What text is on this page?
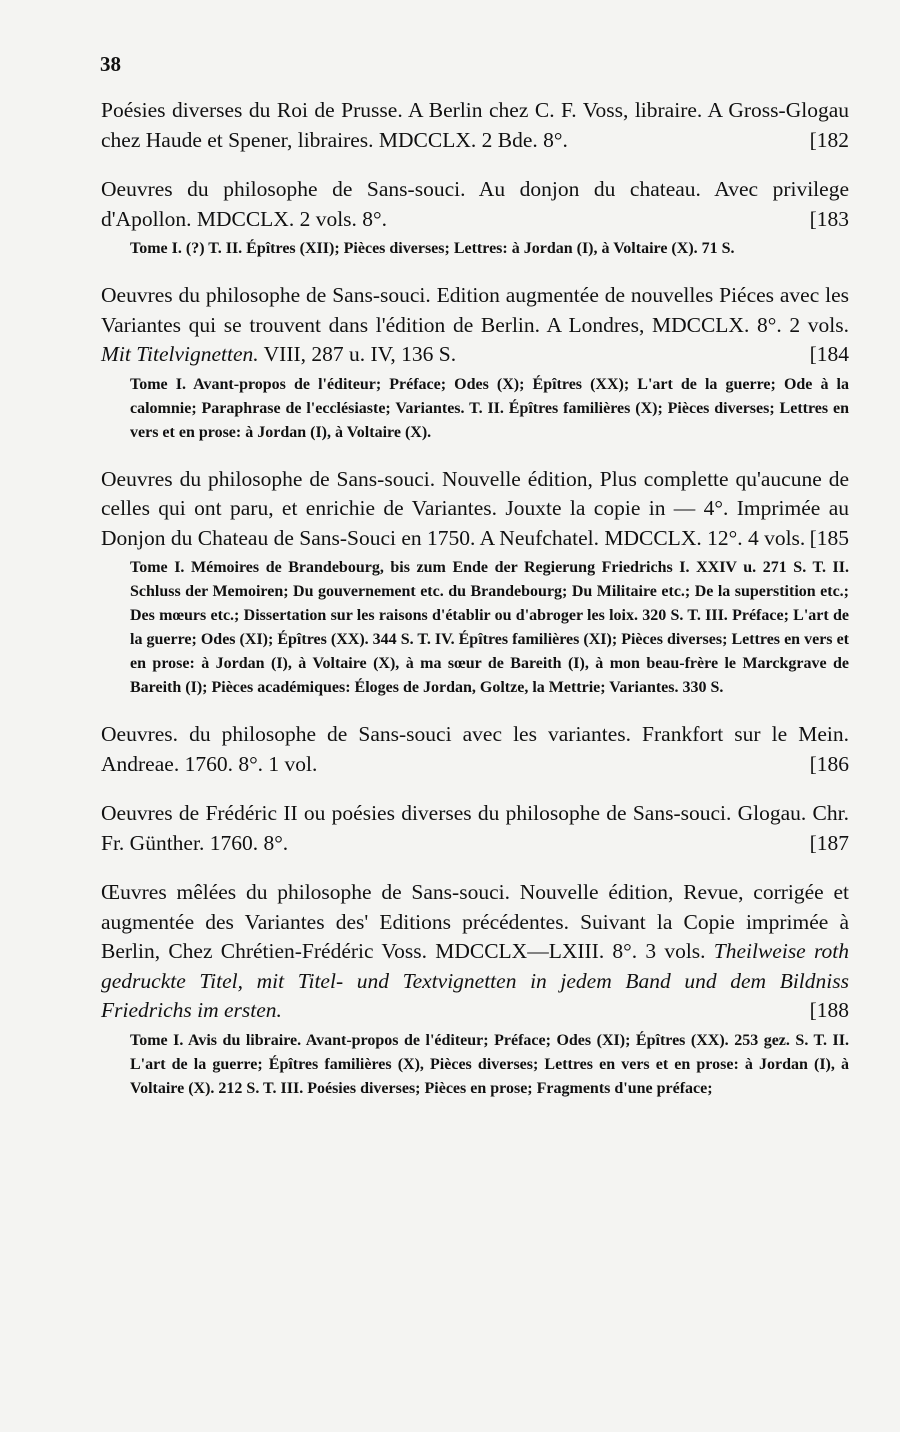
38
Poésies diverses du Roi de Prusse. A Berlin chez C. F. Voss, libraire. A Gross-Glogau chez Haude et Spener, libraires. MDCCLX. 2 Bde. 8°.	[182
Oeuvres du philosophe de Sans-souci. Au donjon du chateau. Avec privilege d'Apollon. MDCCLX. 2 vols. 8°.	[183
Tome I. (?) T. II. Épîtres (XII); Pièces diverses; Lettres: à Jordan (I), à Voltaire (X). 71 S.
Oeuvres du philosophe de Sans-souci. Edition augmentée de nouvelles Piéces avec les Variantes qui se trouvent dans l'édition de Berlin. A Londres, MDCCLX. 8°. 2 vols. Mit Titelvignetten. VIII, 287 u. IV, 136 S.	[184
Tome I. Avant-propos de l'éditeur; Préface; Odes (X); Épîtres (XX); L'art de la guerre; Ode à la calomnie; Paraphrase de l'ecclésiaste; Variantes. T. II. Épîtres familières (X); Pièces diverses; Lettres en vers et en prose: à Jordan (I), à Voltaire (X).
Oeuvres du philosophe de Sans-souci. Nouvelle édition, Plus complette qu'aucune de celles qui ont paru, et enrichie de Variantes. Jouxte la copie in — 4°. Imprimée au Donjon du Chateau de Sans-Souci en 1750. A Neufchatel. MDCCLX. 12°. 4 vols. [185
Tome I. Mémoires de Brandebourg, bis zum Ende der Regierung Friedrichs I. XXIV u. 271 S. T. II. Schluss der Memoiren; Du gouvernement etc. du Brandebourg; Du Militaire etc.; De la superstition etc.; Des mœurs etc.; Dissertation sur les raisons d'établir ou d'abroger les loix. 320 S. T. III. Préface; L'art de la guerre; Odes (XI); Épîtres (XX). 344 S. T. IV. Épîtres familières (XI); Pièces diverses; Lettres en vers et en prose: à Jordan (I), à Voltaire (X), à ma sœur de Bareith (I), à mon beau-frère le Marckgrave de Bareith (I); Pièces académiques: Éloges de Jordan, Goltze, la Mettrie; Variantes. 330 S.
Oeuvres. du philosophe de Sans-souci avec les variantes. Frankfort sur le Mein. Andreae. 1760. 8°. 1 vol.	[186
Oeuvres de Frédéric II ou poésies diverses du philosophe de Sans-souci. Glogau. Chr. Fr. Günther. 1760. 8°.	[187
Œuvres mêlées du philosophe de Sans-souci. Nouvelle édition, Revue, corrigée et augmentée des Variantes des' Editions précédentes. Suivant la Copie imprimée à Berlin, Chez Chrétien-Frédéric Voss. MDCCLX—LXIII. 8°. 3 vols. Theilweise roth gedruckte Titel, mit Titel- und Textvignetten in jedem Band und dem Bildniss Friedrichs im ersten.	[188
Tome I. Avis du libraire. Avant-propos de l'éditeur; Préface; Odes (XI); Épîtres (XX). 253 gez. S. T. II. L'art de la guerre; Épîtres familières (X), Pièces diverses; Lettres en vers et en prose: à Jordan (I), à Voltaire (X). 212 S. T. III. Poésies diverses; Pièces en prose; Fragments d'une préface;
